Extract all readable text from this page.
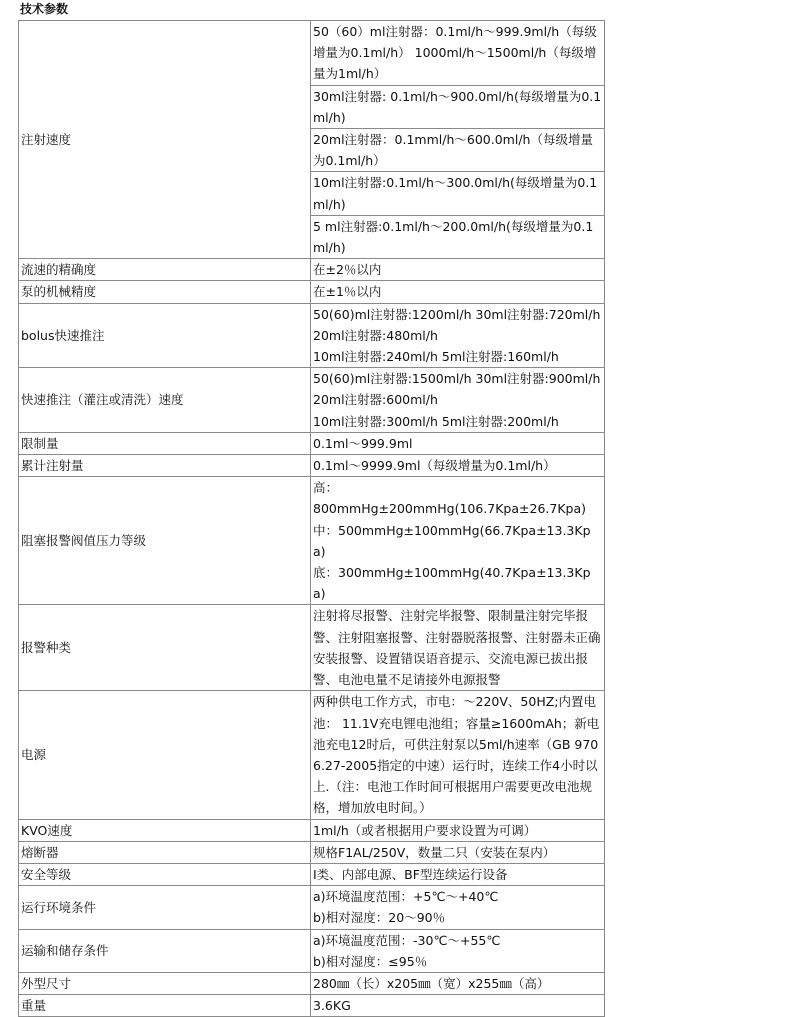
技术参数
注射速度	50（60）ml注射器：0.1ml/h～999.9ml/h（每级增量为0.1ml/h） 1000ml/h～1500ml/h（每级增量为1ml/h）
	30ml注射器: 0.1ml/h～900.0ml/h(每级增量为0.1ml/h)
	20ml注射器：0.1mml/h～600.0ml/h（每级增量为0.1ml/h）
	10ml注射器:0.1ml/h～300.0ml/h(每级增量为0.1ml/h)
	5 ml注射器:0.1ml/h～200.0ml/h(每级增量为0.1ml/h)
流速的精确度	在±2％以内
泵的机械精度	在±1％以内
bolus快速推注	50(60)ml注射器:1200ml/h 30ml注射器:720ml/h
20ml注射器:480ml/h
10ml注射器:240ml/h 5ml注射器:160ml/h

快速推注（灌注或清洗）速度	50(60)ml注射器:1500ml/h 30ml注射器:900ml/h
20ml注射器:600ml/h
10ml注射器:300ml/h 5ml注射器:200ml/h

限制量	0.1ml～999.9ml
累计注射量	0.1ml～9999.9ml（每级增量为0.1ml/h）
阻塞报警阀值压力等级	高：
800mmHg±200mmHg(106.7Kpa±26.7Kpa)
中：500mmHg±100mmHg(66.7Kpa±13.3Kpa)
底：300mmHg±100mmHg(40.7Kpa±13.3Kpa)

报警种类	注射将尽报警、注射完毕报警、限制量注射完毕报警、注射阻塞报警、注射器脱落报警、注射器未正确安装报警、设置错误语音提示、交流电源已拔出报警、电池电量不足请接外电源报警
电源	两种供电工作方式，市电：～220V、50HZ;内置电池： 11.1V充电锂电池组；容量≥1600mAh；新电池充电12时后，可供注射泵以5ml/h速率（GB 9706.27-2005指定的中速）运行时，连续工作4小时以上.（注：电池工作时间可根据用户需要更改电池规格，增加放电时间。）
KVO速度	1ml/h（或者根据用户要求设置为可调）
熔断器	规格F1AL/250V，数量二只（安装在泵内）
安全等级	I类、内部电源、BF型连续运行设备
运行环境条件	a)环境温度范围：+5℃～+40℃
b)相对湿度：20～90％

运输和储存条件	a)环境温度范围：-30℃～+55℃
b)相对湿度：≤95％

外型尺寸	280㎜（长）x205㎜（宽）x255㎜（高）
重量	3.6KG
